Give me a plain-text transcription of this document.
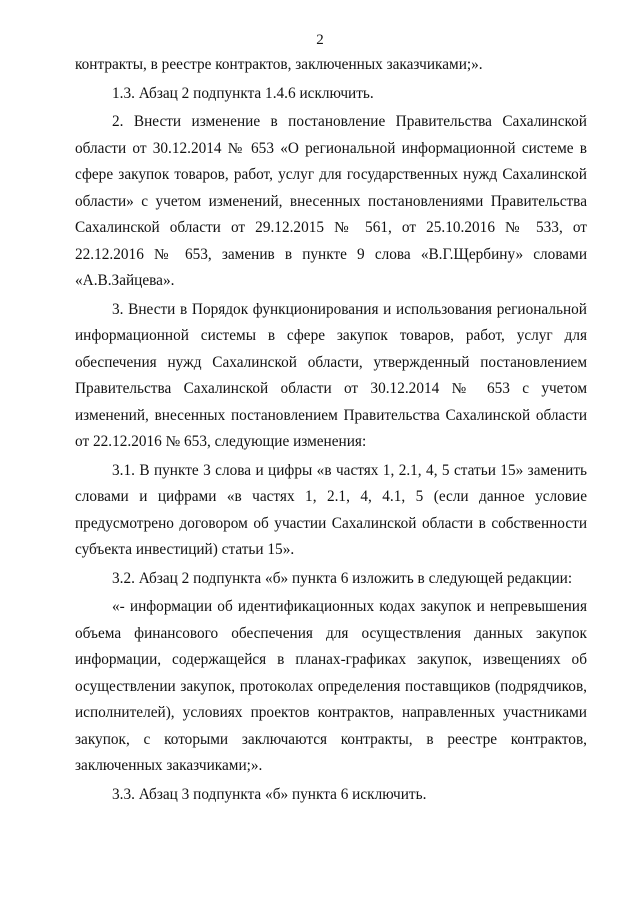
2

контракты, в реестре контрактов, заключенных заказчиками;».

1.3. Абзац 2 подпункта 1.4.6 исключить.

2. Внести изменение в постановление Правительства Сахалинской
области от 30.12.2014 № 653 «О региональной информационной системе в
сфере закупок товаров, работ, услуг для государственных нужд Сахалинской
области» с учетом изменений, внесенных постановлениями Правительства
Сахалинской области от 29.12.2015 № 561, от 25.10.2016 № 533, от
22.12.2016 № 653, заменив в пункте 9 слова «В.Г.Щербину» словами
«А.В.Зайцева».

3. Внести в Порядок функционирования и использования региональной
информационной системы в сфере закупок товаров, работ, услуг для
обеспечения нужд Сахалинской области, утвержденный постановлением
Правительства Сахалинской области от 30.12.2014 № 653 с учетом
изменений, внесенных постановлением Правительства Сахалинской области
от 22.12.2016 № 653, следующие изменения:

3.1. В пункте 3 слова и цифры «в частях 1, 2.1, 4, 5 статьи 15» заменить
словами и цифрами «в частях 1, 2.1, 4, 4.1, 5 (если данное условие
предусмотрено договором об участии Сахалинской области в собственности
субъекта инвестиций) статьи 15».

3.2. Абзац 2 подпункта «б» пункта 6 изложить в следующей редакции:

«- информации об идентификационных кодах закупок и непревышения
объема финансового обеспечения для осуществления данных закупок
информации, содержащейся в планах-графиках закупок, извещениях об
осуществлении закупок, протоколах определения поставщиков (подрядчиков,
исполнителей), условиях проектов контрактов, направленных участниками
закупок, с которыми заключаются контракты, в реестре контрактов,
заключенных заказчиками;».

3.3. Абзац 3 подпункта «б» пункта 6 исключить.
